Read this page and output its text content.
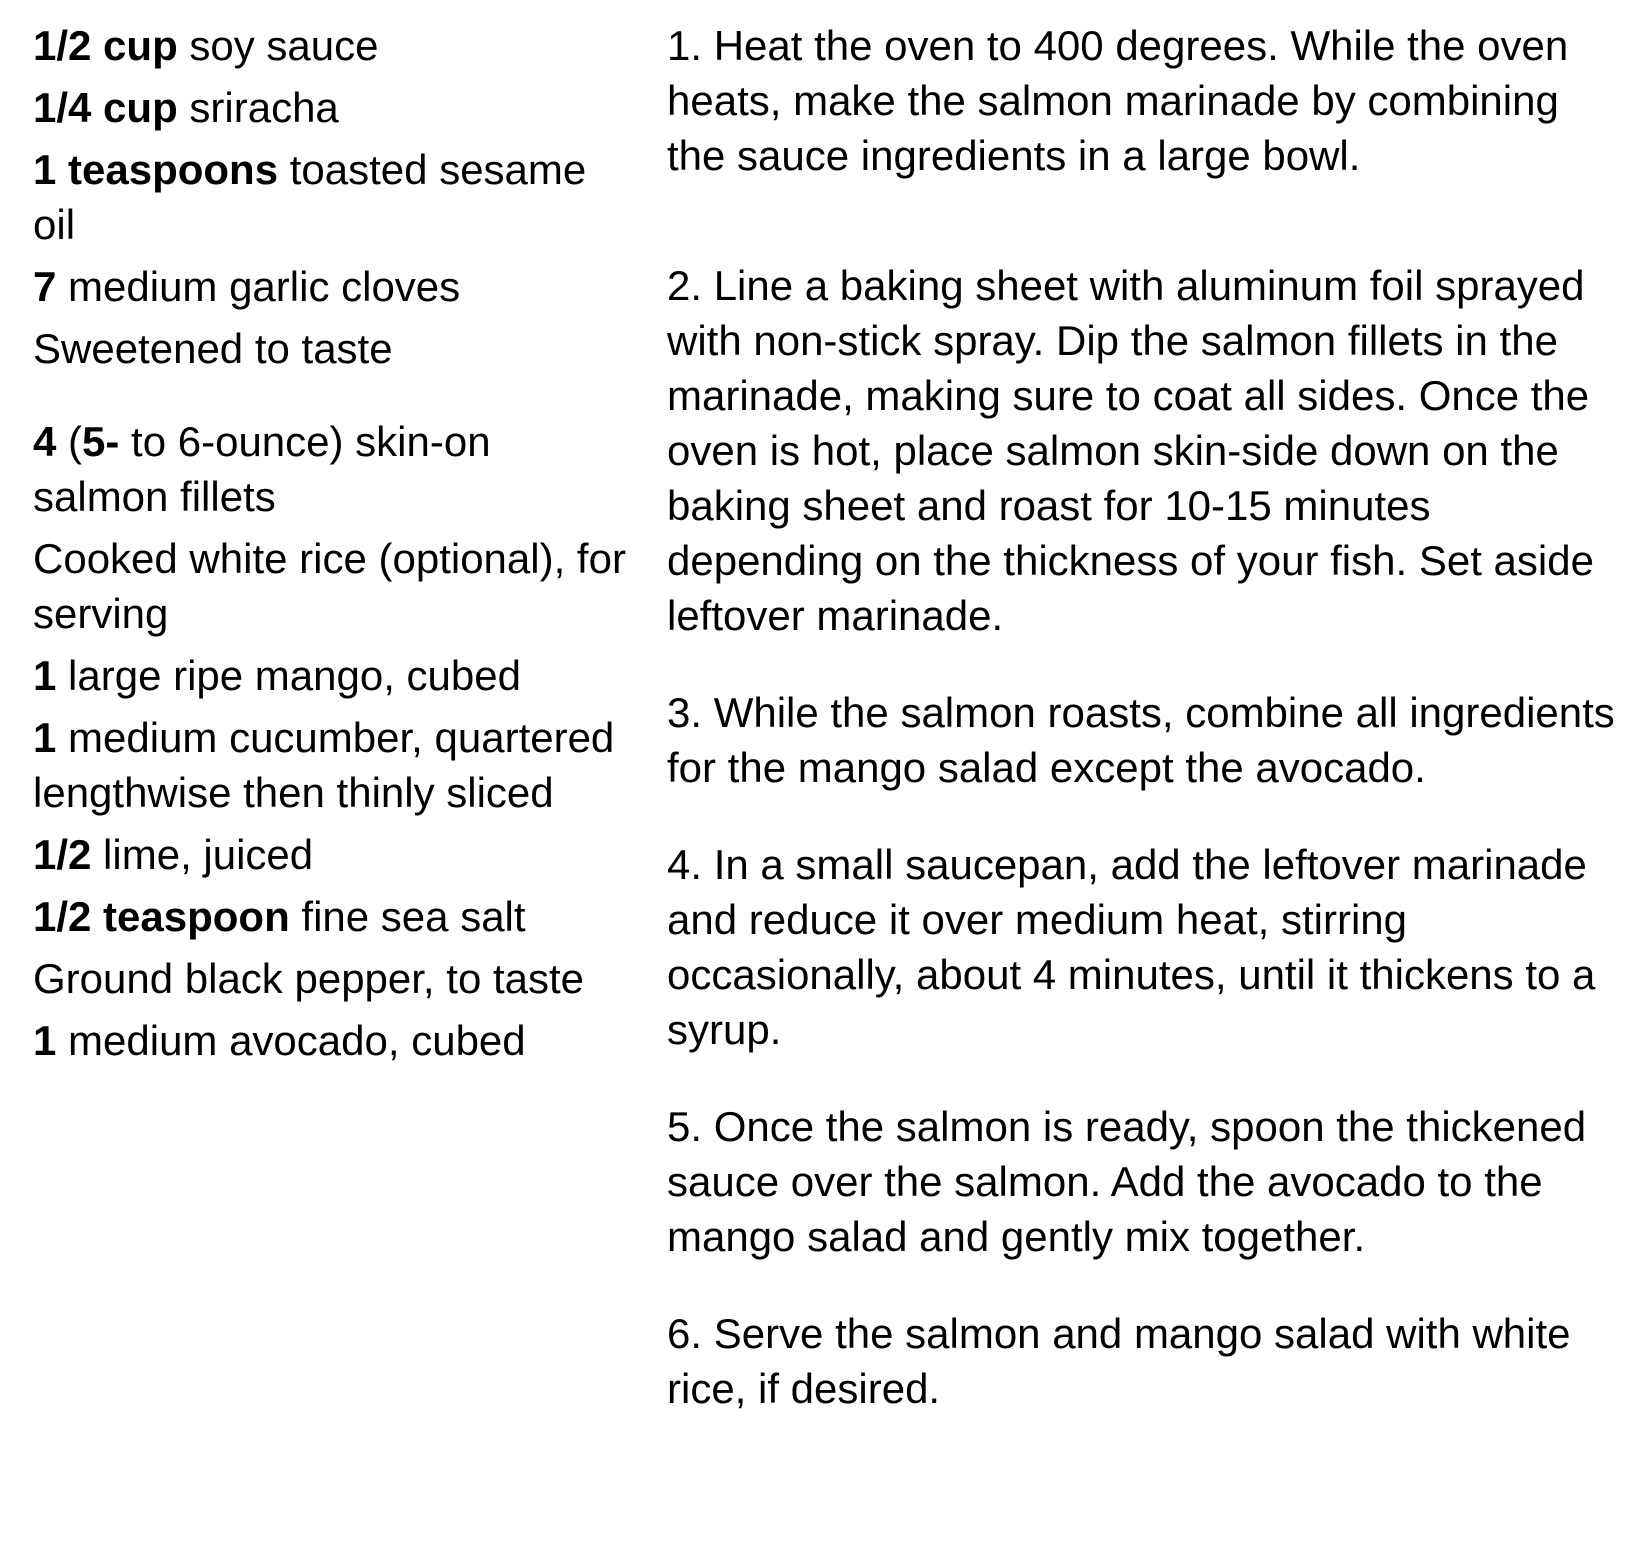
1/2 cup soy sauce
1/4 cup sriracha
1 teaspoons toasted sesame oil
7 medium garlic cloves
Sweetened to taste
4 (5- to 6-ounce) skin-on salmon fillets
Cooked white rice (optional), for serving
1 large ripe mango, cubed
1 medium cucumber, quartered lengthwise then thinly sliced
1/2 lime, juiced
1/2 teaspoon fine sea salt
Ground black pepper, to taste
1 medium avocado, cubed

1. Heat the oven to 400 degrees. While the oven heats, make the salmon marinade by combining the sauce ingredients in a large bowl.

2. Line a baking sheet with aluminum foil sprayed with non-stick spray. Dip the salmon fillets in the marinade, making sure to coat all sides. Once the oven is hot, place salmon skin-side down on the baking sheet and roast for 10-15 minutes depending on the thickness of your fish. Set aside leftover marinade.

3. While the salmon roasts, combine all ingredients for the mango salad except the avocado.

4. In a small saucepan, add the leftover marinade and reduce it over medium heat, stirring occasionally, about 4 minutes, until it thickens to a syrup.

5. Once the salmon is ready, spoon the thickened sauce over the salmon. Add the avocado to the mango salad and gently mix together.

6. Serve the salmon and mango salad with white rice, if desired.
